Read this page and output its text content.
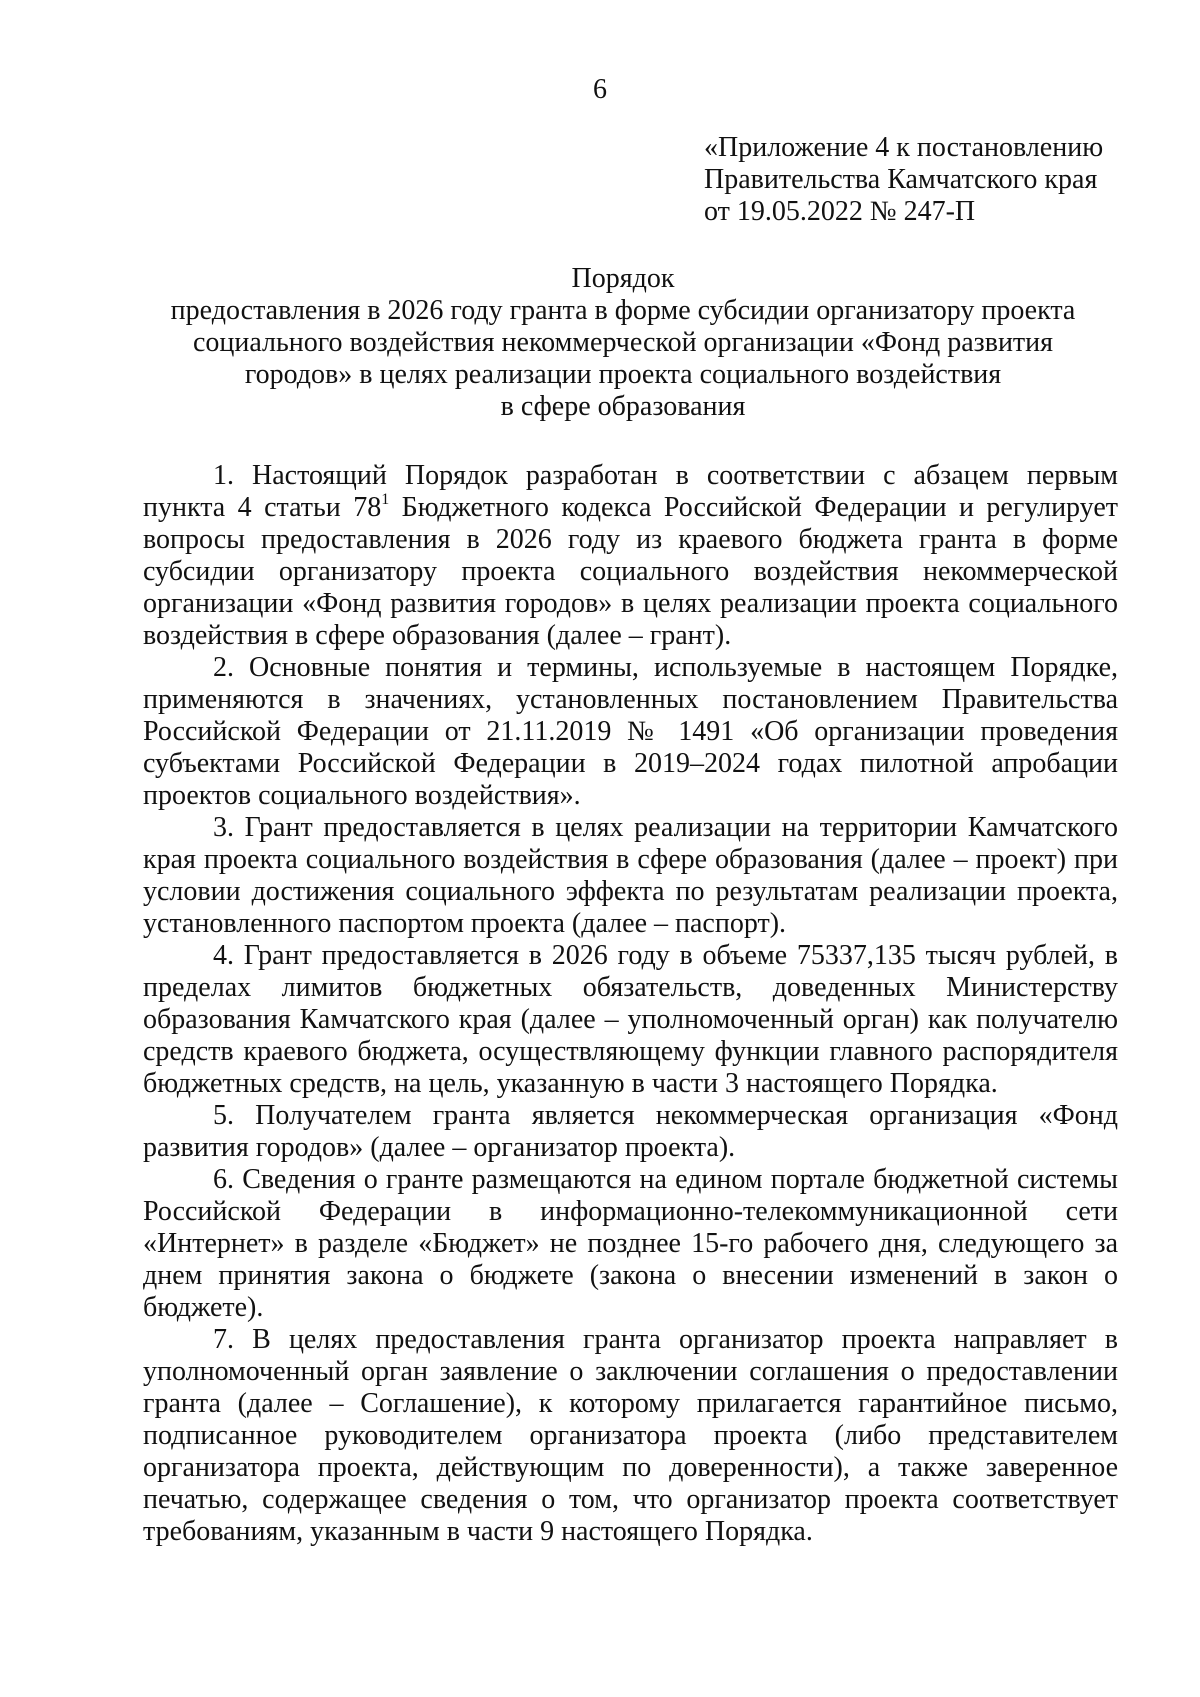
6
«Приложение 4 к постановлению
Правительства Камчатского края
от 19.05.2022 № 247-П
Порядок
предоставления в 2026 году гранта в форме субсидии организатору проекта
социального воздействия некоммерческой организации «Фонд развития
городов» в целях реализации проекта социального воздействия
в сфере образования

1. Настоящий Порядок разработан в соответствии с абзацем первым пункта 4 статьи $78^1$ Бюджетного кодекса Российской Федерации и регулирует вопросы предоставления в 2026 году из краевого бюджета гранта в форме субсидии организатору проекта социального воздействия некоммерческой организации «Фонд развития городов» в целях реализации проекта социального воздействия в сфере образования (далее – грант).

2. Основные понятия и термины, используемые в настоящем Порядке, применяются в значениях, установленных постановлением Правительства Российской Федерации от 21.11.2019 № 1491 «Об организации проведения субъектами Российской Федерации в 2019–2024 годах пилотной апробации проектов социального воздействия».

3. Грант предоставляется в целях реализации на территории Камчатского края проекта социального воздействия в сфере образования (далее – проект) при условии достижения социального эффекта по результатам реализации проекта, установленного паспортом проекта (далее – паспорт).

4. Грант предоставляется в 2026 году в объеме 75337,135 тысяч рублей, в пределах лимитов бюджетных обязательств, доведенных Министерству образования Камчатского края (далее – уполномоченный орган) как получателю средств краевого бюджета, осуществляющему функции главного распорядителя бюджетных средств, на цель, указанную в части 3 настоящего Порядка.

5. Получателем гранта является некоммерческая организация «Фонд развития городов» (далее – организатор проекта).

6. Сведения о гранте размещаются на едином портале бюджетной системы Российской Федерации в информационно-телекоммуникационной сети «Интернет» в разделе «Бюджет» не позднее 15-го рабочего дня, следующего за днем принятия закона о бюджете (закона о внесении изменений в закон о бюджете).

7. В целях предоставления гранта организатор проекта направляет в уполномоченный орган заявление о заключении соглашения о предоставлении гранта (далее – Соглашение), к которому прилагается гарантийное письмо, подписанное руководителем организатора проекта (либо представителем организатора проекта, действующим по доверенности), а также заверенное печатью, содержащее сведения о том, что организатор проекта соответствует требованиям, указанным в части 9 настоящего Порядка.
